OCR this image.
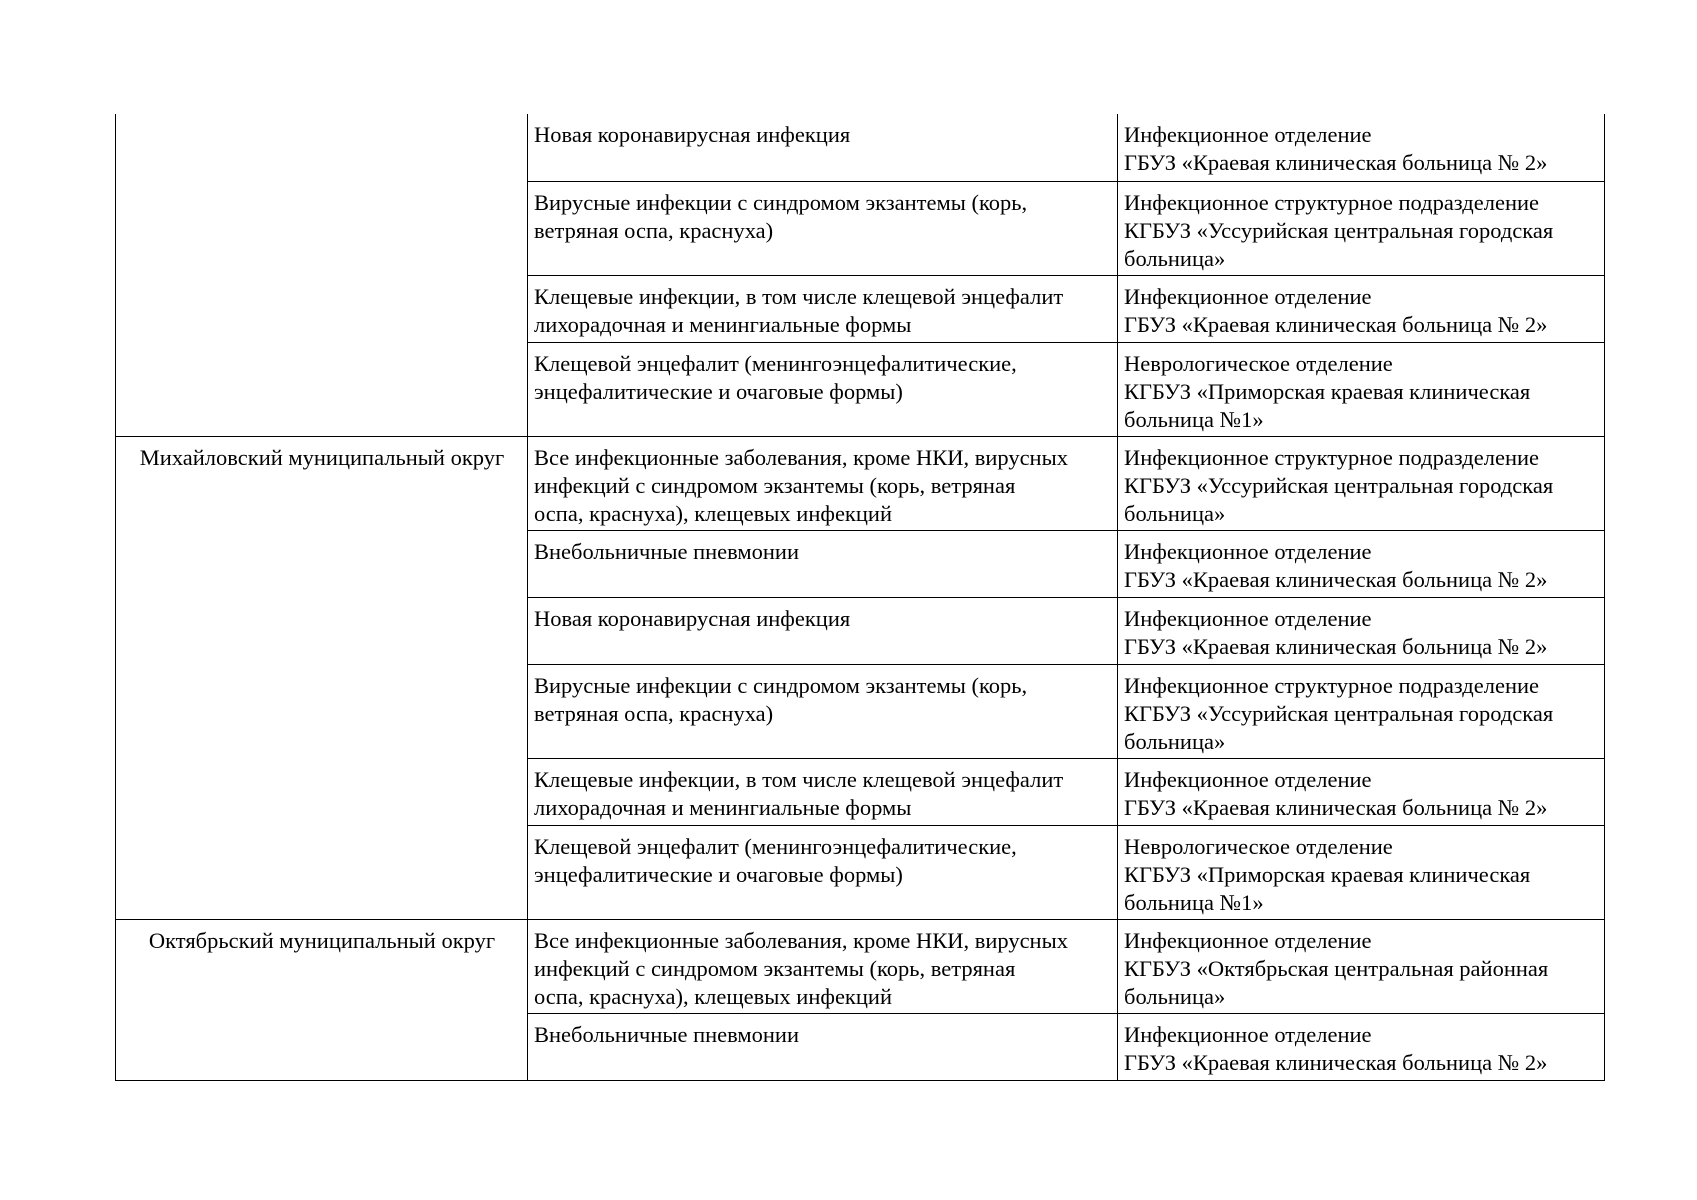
	Новая коронавирусная инфекция	Инфекционное отделение
ГБУЗ «Краевая клиническая больница № 2»

	Вирусные инфекции с синдромом экзантемы (корь,
ветряная оспа, краснуха)	Инфекционное структурное подразделение
КГБУЗ «Уссурийская центральная городская
больница»

	Клещевые инфекции, в том числе клещевой энцефалит
лихорадочная и менингиальные формы	Инфекционное отделение
ГБУЗ «Краевая клиническая больница № 2»

	Клещевой энцефалит (менингоэнцефалитические,
энцефалитические и очаговые формы)	Неврологическое отделение
КГБУЗ «Приморская краевая клиническая
больница №1»

Михайловский муниципальный округ	Все инфекционные заболевания, кроме НКИ, вирусных
инфекций с синдромом экзантемы (корь, ветряная
оспа, краснуха), клещевых инфекций	Инфекционное структурное подразделение
КГБУЗ «Уссурийская центральная городская
больница»

	Внебольничные пневмонии	Инфекционное отделение
ГБУЗ «Краевая клиническая больница № 2»

	Новая коронавирусная инфекция	Инфекционное отделение
ГБУЗ «Краевая клиническая больница № 2»

	Вирусные инфекции с синдромом экзантемы (корь,
ветряная оспа, краснуха)	Инфекционное структурное подразделение
КГБУЗ «Уссурийская центральная городская
больница»

	Клещевые инфекции, в том числе клещевой энцефалит
лихорадочная и менингиальные формы	Инфекционное отделение
ГБУЗ «Краевая клиническая больница № 2»

	Клещевой энцефалит (менингоэнцефалитические,
энцефалитические и очаговые формы)	Неврологическое отделение
КГБУЗ «Приморская краевая клиническая
больница №1»

Октябрьский муниципальный округ	Все инфекционные заболевания, кроме НКИ, вирусных
инфекций с синдромом экзантемы (корь, ветряная
оспа, краснуха), клещевых инфекций	Инфекционное отделение
КГБУЗ «Октябрьская центральная районная
больница»

	Внебольничные пневмонии	Инфекционное отделение
ГБУЗ «Краевая клиническая больница № 2»
